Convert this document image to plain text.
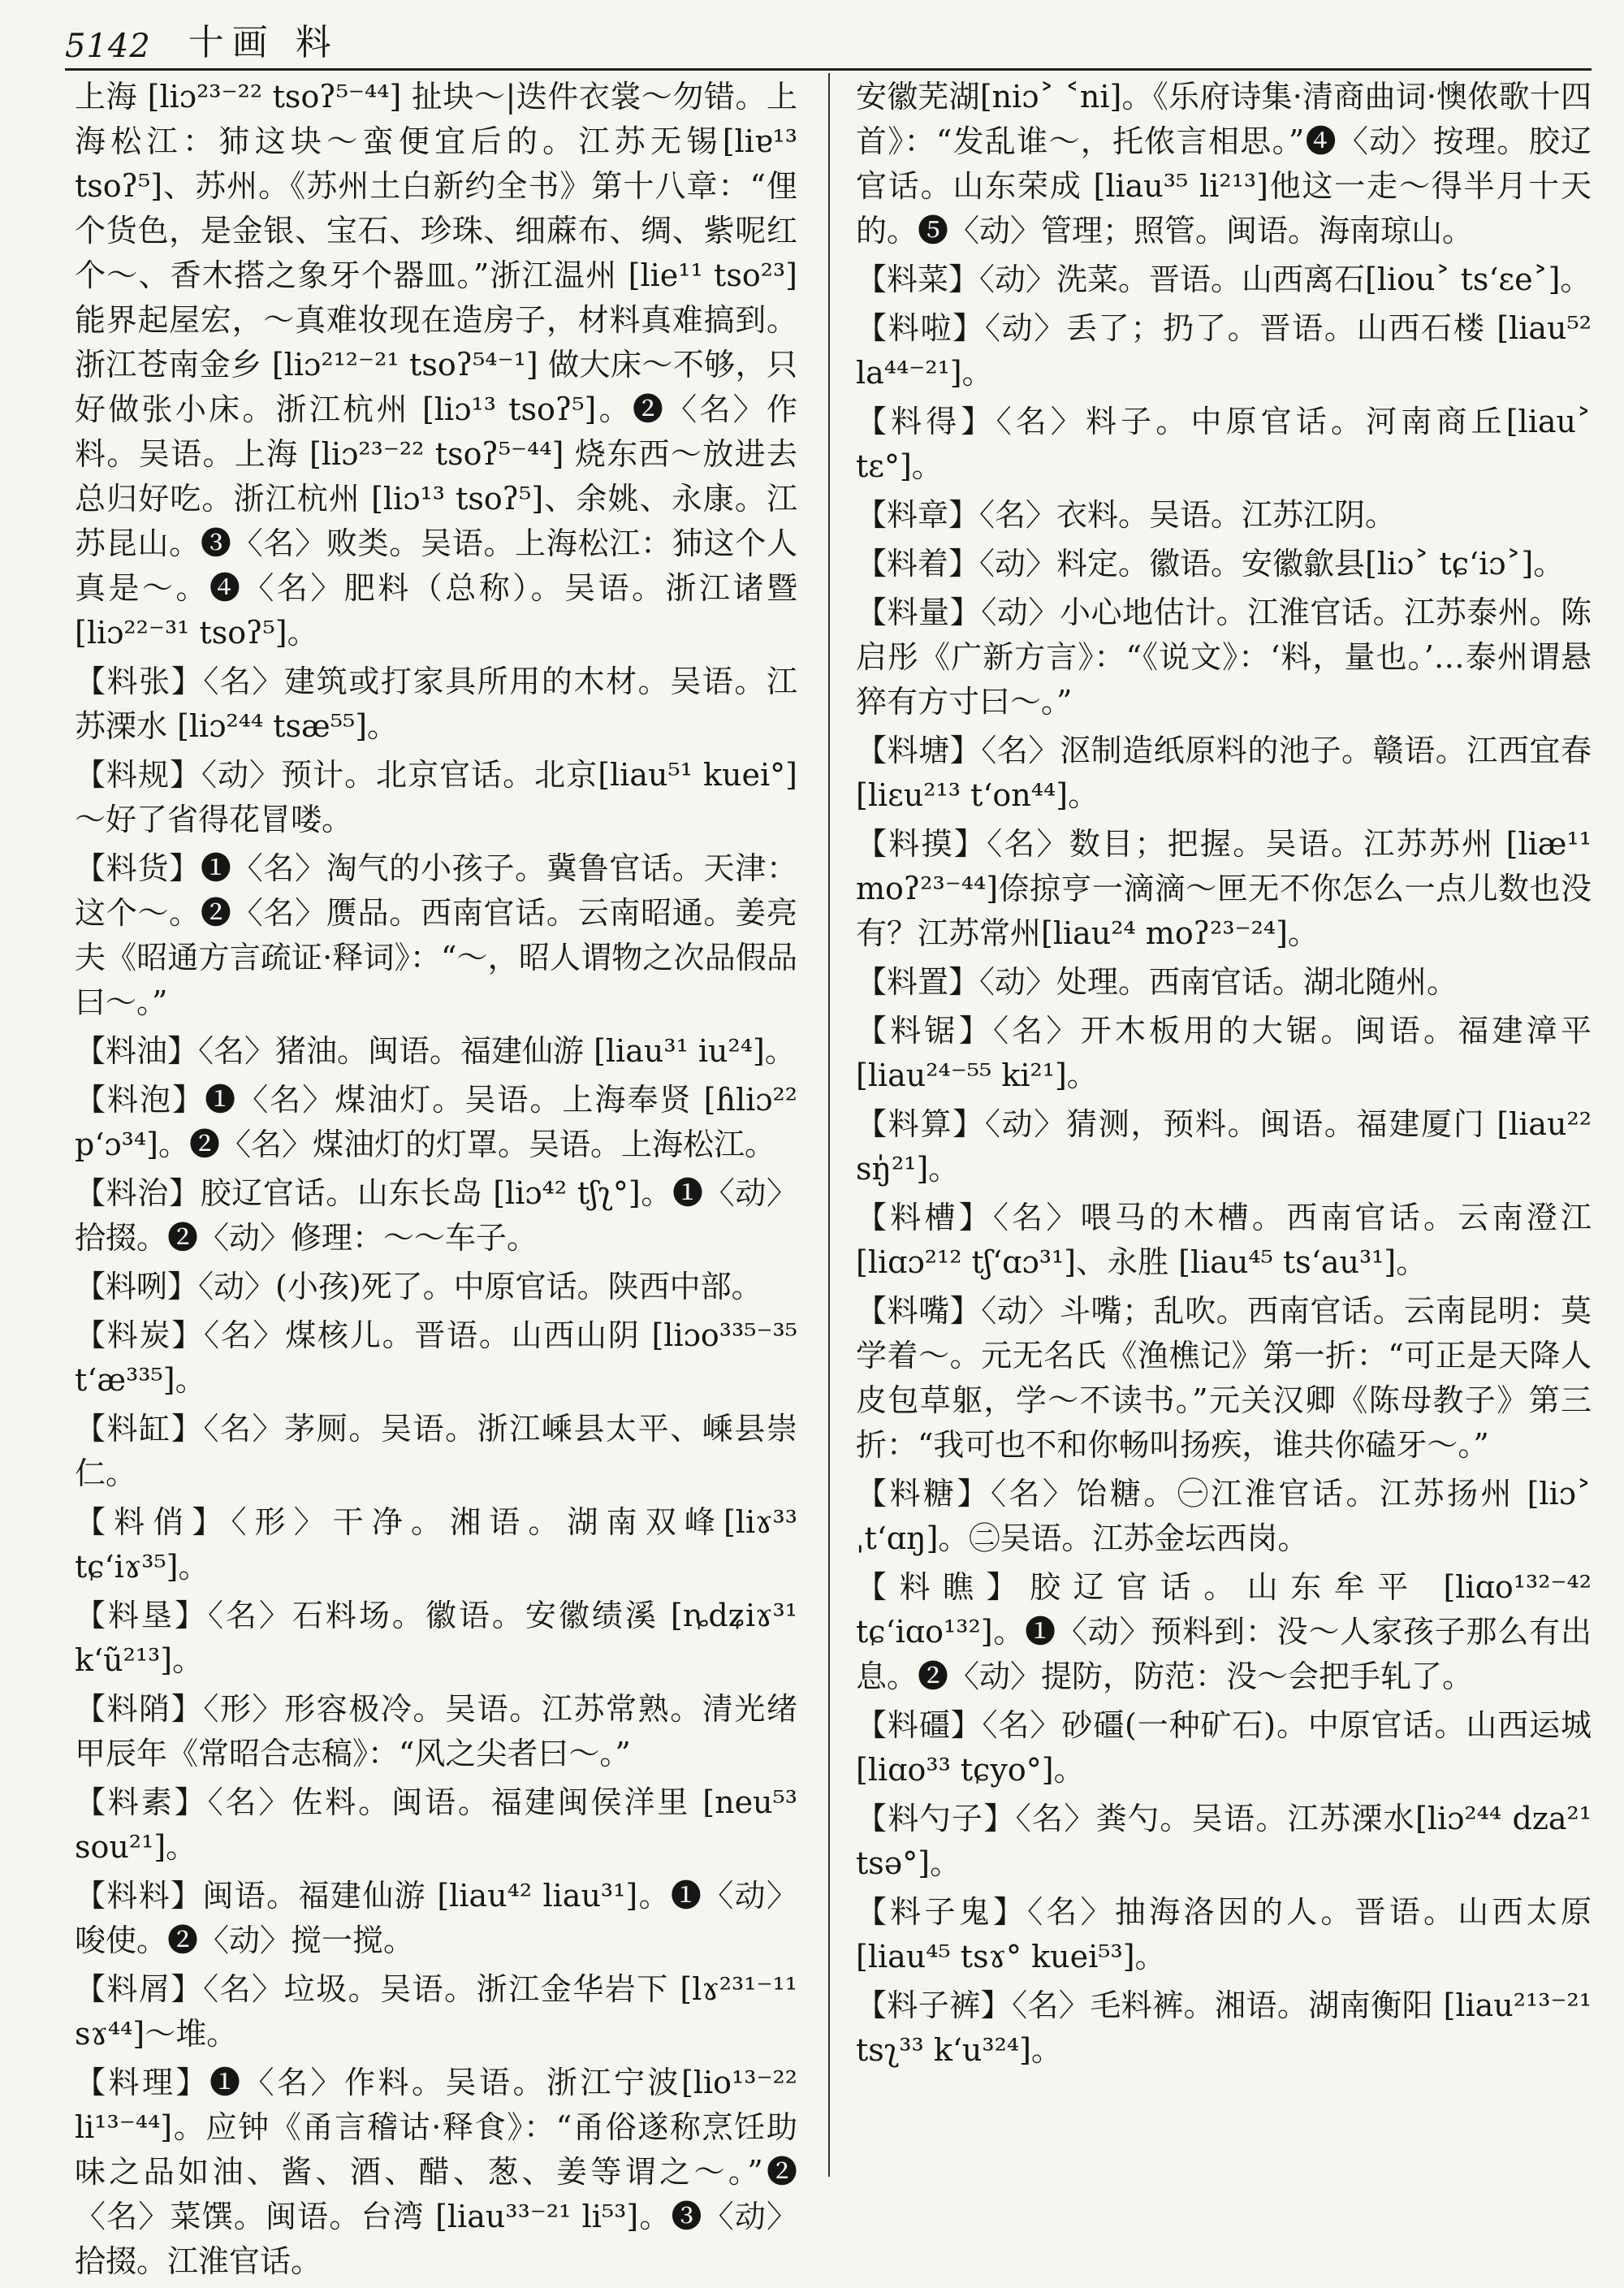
5142 十画 料

上海 [liɔ²³⁻²² tsoʔ⁵⁻⁴⁴] 扯块～|迭件衣裳～勿错。上海松江：犻这块～蛮便宜后的。江苏无锡[liɐ¹³ tsoʔ⁵]、苏州。《苏州土白新约全书》第十八章：“俚个货色，是金银、宝石、珍珠、细蔴布、绸、紫呢红个～、香木搭之象牙个器皿。”浙江温州 [lie¹¹ tso²³]能界起屋宏，～真难妆现在造房子，材料真难搞到。浙江苍南金乡 [liɔ²¹²⁻²¹ tsoʔ⁵⁴⁻¹] 做大床～不够，只好做张小床。浙江杭州 [liɔ¹³ tsoʔ⁵]。❷〈名〉作料。吴语。上海 [liɔ²³⁻²² tsoʔ⁵⁻⁴⁴] 烧东西～放进去总归好吃。浙江杭州 [liɔ¹³ tsoʔ⁵]、余姚、永康。江苏昆山。❸〈名〉败类。吴语。上海松江：犻这个人真是～。❹〈名〉肥料（总称）。吴语。浙江诸暨 [liɔ²²⁻³¹ tsoʔ⁵]。

【料张】〈名〉建筑或打家具所用的木材。吴语。江苏溧水 [liɔ²⁴⁴ tsæ⁵⁵]。

【料规】〈动〉预计。北京官话。北京[liau⁵¹ kuei°]～好了省得花冒喽。

【料货】❶〈名〉淘气的小孩子。冀鲁官话。天津：这个～。❷〈名〉赝品。西南官话。云南昭通。姜亮夫《昭通方言疏证·释词》：“～，昭人谓物之次品假品曰～。”

【料油】〈名〉猪油。闽语。福建仙游 [liau³¹ iu²⁴]。

【料泡】❶〈名〉煤油灯。吴语。上海奉贤 [ɦliɔ²² p‘ɔ³⁴]。❷〈名〉煤油灯的灯罩。吴语。上海松江。

【料治】胶辽官话。山东长岛 [liɔ⁴² tʃʅ°]。❶〈动〉拾掇。❷〈动〉修理：～～车子。

【料咧】〈动〉(小孩)死了。中原官话。陕西中部。

【料炭】〈名〉煤核儿。晋语。山西山阴 [liɔo³³⁵⁻³⁵ t‘æ³³⁵]。

【料缸】〈名〉茅厕。吴语。浙江嵊县太平、嵊县崇仁。

【料俏】〈形〉干净。湘语。湖南双峰[liɤ³³ tɕ‘iɤ³⁵]。

【料垦】〈名〉石料场。徽语。安徽绩溪 [ȵdʑiɤ³¹ k‘ũ²¹³]。

【料陗】〈形〉形容极冷。吴语。江苏常熟。清光绪甲辰年《常昭合志稿》：“风之尖者曰～。”

【料素】〈名〉佐料。闽语。福建闽侯洋里 [neu⁵³ sou²¹]。

【料料】闽语。福建仙游 [liau⁴² liau³¹]。❶〈动〉唆使。❷〈动〉搅一搅。

【料屑】〈名〉垃圾。吴语。浙江金华岩下 [lɤ²³¹⁻¹¹ sɤ⁴⁴]～堆。

【料理】❶〈名〉作料。吴语。浙江宁波[lio¹³⁻²² li¹³⁻⁴⁴]。应钟《甬言稽诂·释食》：“甬俗遂称烹饪助味之品如油、酱、酒、醋、葱、姜等谓之～。”❷〈名〉菜馔。闽语。台湾 [liau³³⁻²¹ li⁵³]。❸〈动〉拾掇。江淮官话。

安徽芜湖[niɔ˃ ˂ni]。《乐府诗集·清商曲词·懊侬歌十四首》：“发乱谁～，托侬言相思。”❹〈动〉按理。胶辽官话。山东荣成 [liau³⁵ li²¹³]他这一走～得半月十天的。❺〈动〉管理；照管。闽语。海南琼山。

【料菜】〈动〉洗菜。晋语。山西离石[liou˃ ts‘ɛe˃]。

【料啦】〈动〉丢了；扔了。晋语。山西石楼 [liau⁵² la⁴⁴⁻²¹]。

【料得】〈名〉料子。中原官话。河南商丘[liau˃ tɛ°]。

【料章】〈名〉衣料。吴语。江苏江阴。

【料着】〈动〉料定。徽语。安徽歙县[liɔ˃ tɕ‘iɔ˃]。

【料量】〈动〉小心地估计。江淮官话。江苏泰州。陈启彤《广新方言》：“《说文》：‘料，量也。’…泰州谓悬猝有方寸曰～。”

【料塘】〈名〉沤制造纸原料的池子。赣语。江西宜春 [liɛu²¹³ t‘on⁴⁴]。

【料摸】〈名〉数目；把握。吴语。江苏苏州 [liæ¹¹ moʔ²³⁻⁴⁴]倷掠亨一滴滴～匣无不你怎么一点儿数也没有？江苏常州[liau²⁴ moʔ²³⁻²⁴]。

【料置】〈动〉处理。西南官话。湖北随州。

【料锯】〈名〉开木板用的大锯。闽语。福建漳平 [liau²⁴⁻⁵⁵ ki²¹]。

【料算】〈动〉猜测，预料。闽语。福建厦门 [liau²² sŋ̍²¹]。

【料槽】〈名〉喂马的木槽。西南官话。云南澄江 [liɑɔ²¹² tʃ‘ɑɔ³¹]、永胜 [liau⁴⁵ ts‘au³¹]。

【料嘴】〈动〉斗嘴；乱吹。西南官话。云南昆明：莫学着～。元无名氏《渔樵记》第一折：“可正是天降人皮包草躯，学～不读书。”元关汉卿《陈母教子》第三折：“我可也不和你畅叫扬疾，谁共你磕牙～。”

【料糖】〈名〉饴糖。㊀江淮官话。江苏扬州 [liɔ˃ ˌt‘ɑŋ]。㊁吴语。江苏金坛西岗。

【料瞧】胶辽官话。山东牟平 [liɑo¹³²⁻⁴² tɕ‘iɑo¹³²]。❶〈动〉预料到：没～人家孩子那么有出息。❷〈动〉提防，防范：没～会把手轧了。

【料礓】〈名〉砂礓(一种矿石)。中原官话。山西运城 [liɑo³³ tɕyo°]。

【料勺子】〈名〉粪勺。吴语。江苏溧水[liɔ²⁴⁴ dza²¹ tsə°]。

【料子鬼】〈名〉抽海洛因的人。晋语。山西太原[liau⁴⁵ tsɤ° kuei⁵³]。

【料子裤】〈名〉毛料裤。湘语。湖南衡阳 [liau²¹³⁻²¹ tsʅ³³ k‘u³²⁴]。
